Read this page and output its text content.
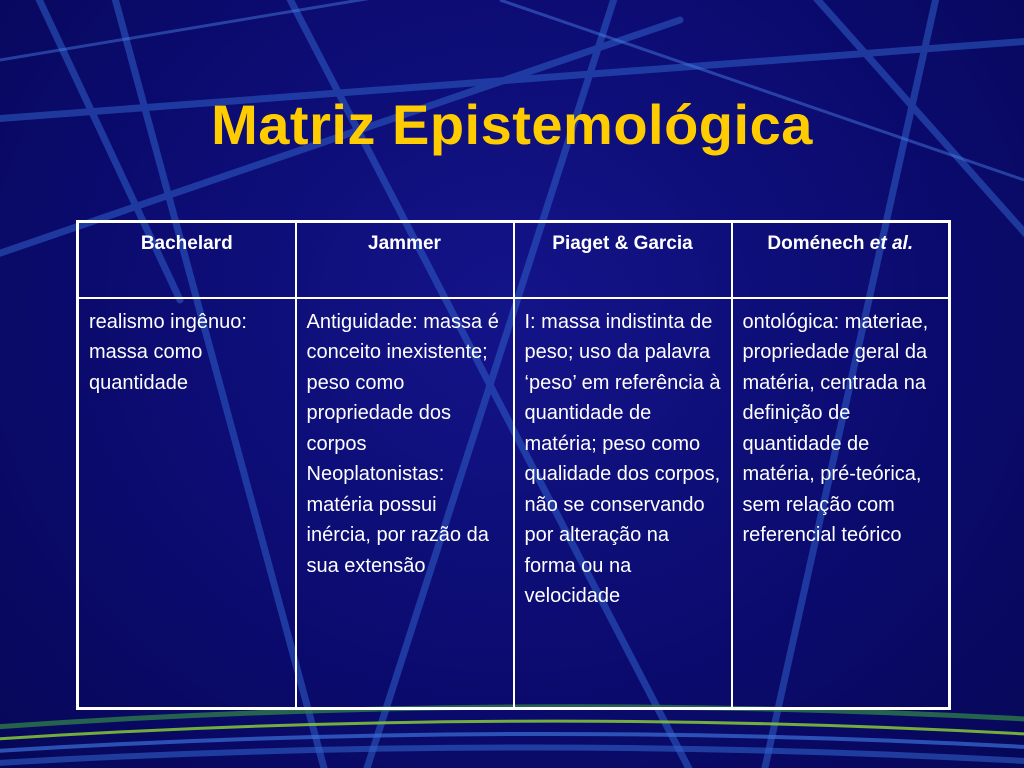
Matriz Epistemológica
Bachelard	Jammer	Piaget & Garcia	Doménech et al.
realismo ingênuo: massa como quantidade	Antiguidade: massa é conceito inexistente; peso como propriedade dos corpos Neoplatonistas: matéria possui inércia, por razão da sua extensão	I: massa indistinta de peso; uso da palavra ‘peso’ em referência à quantidade de matéria; peso como qualidade dos corpos, não se conservando por alteração na forma ou na velocidade	ontológica: materiae, propriedade geral da matéria, centrada na definição de quantidade de matéria, pré-teórica, sem relação com referencial teórico
